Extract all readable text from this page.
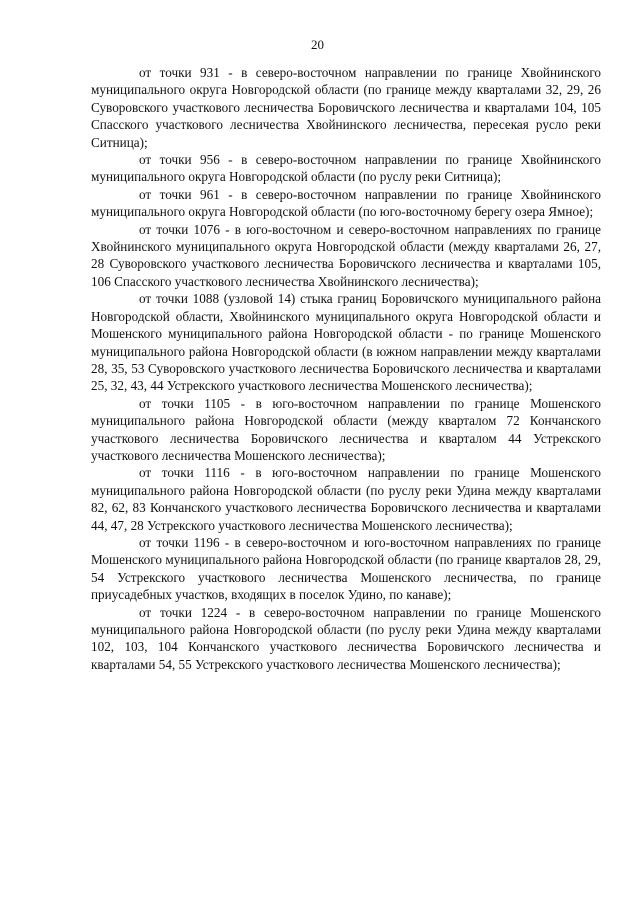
20

от точки 931 - в северо-восточном направлении по границе Хвойнинского муниципального округа Новгородской области (по границе между кварталами 32, 29, 26 Суворовского участкового лесничества Боровичского лесничества и кварталами 104, 105 Спасского участкового лесничества Хвойнинского лесничества, пересекая русло реки Ситница);

от точки 956 - в северо-восточном направлении по границе Хвойнинского муниципального округа Новгородской области (по руслу реки Ситница);

от точки 961 - в северо-восточном направлении по границе Хвойнинского муниципального округа Новгородской области (по юго-восточному берегу озера Ямное);

от точки 1076 - в юго-восточном и северо-восточном направлениях по границе Хвойнинского муниципального округа Новгородской области (между кварталами 26, 27, 28 Суворовского участкового лесничества Боровичского лесничества и кварталами 105, 106 Спасского участкового лесничества Хвойнинского лесничества);

от точки 1088 (узловой 14) стыка границ Боровичского муниципального района Новгородской области, Хвойнинского муниципального округа Новгородской области и Мошенского муниципального района Новгородской области - по границе Мошенского муниципального района Новгородской области (в южном направлении между кварталами 28, 35, 53 Суворовского участкового лесничества Боровичского лесничества и кварталами 25, 32, 43, 44 Устрекского участкового лесничества Мошенского лесничества);

от точки 1105 - в юго-восточном направлении по границе Мошенского муниципального района Новгородской области (между кварталом 72 Кончанского участкового лесничества Боровичского лесничества и кварталом 44 Устрекского участкового лесничества Мошенского лесничества);

от точки 1116 - в юго-восточном направлении по границе Мошенского муниципального района Новгородской области (по руслу реки Удина между кварталами 82, 62, 83 Кончанского участкового лесничества Боровичского лесничества и кварталами 44, 47, 28 Устрекского участкового лесничества Мошенского лесничества);

от точки 1196 - в северо-восточном и юго-восточном направлениях по границе Мошенского муниципального района Новгородской области (по границе кварталов 28, 29, 54 Устрекского участкового лесничества Мошенского лесничества, по границе приусадебных участков, входящих в поселок Удино, по канаве);

от точки 1224 - в северо-восточном направлении по границе Мошенского муниципального района Новгородской области (по руслу реки Удина между кварталами 102, 103, 104 Кончанского участкового лесничества Боровичского лесничества и кварталами 54, 55 Устрекского участкового лесничества Мошенского лесничества);
